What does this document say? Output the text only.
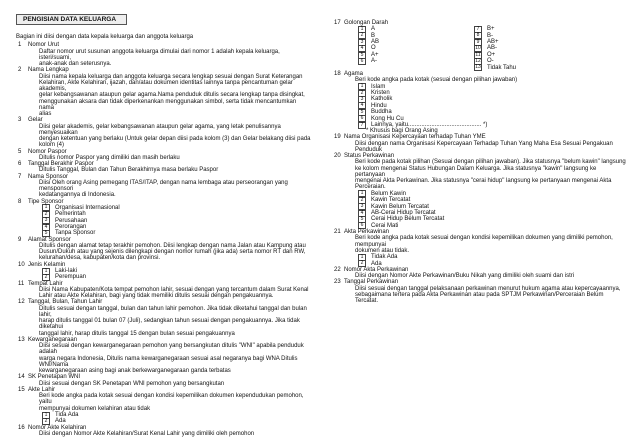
PENGISIAN DATA KELUARGA
Bagian ini diisi dengan data kepala keluarga dan anggota keluarga
1 Nomor Urut
Daftar nomor urut susunan anggota keluarga dimulai dari nomor 1 adalah kepala keluarga, isteri/suami,
anak-anak dan seterusnya.
2 Nama Lengkap
Diisi nama kepala keluarga dan anggota keluarga secara lengkap sesuai dengan Surat Keterangan
Kelahiran, Akte Kelahiran, ijazah, dan/atau dokumen identitas lainnya tanpa pencantuman gelar akademis,
gelar kebangsawanan ataupun gelar agama.Nama penduduk ditulis secara lengkap tanpa disingkat,
menggunakan aksara dan tidak diperkenankan menggunakan simbol, serta tidak mencantumkan nama
alias
3 Gelar
Diisi gelar akademis, gelar kebangsawanan ataupun gelar agama, yang letak penulisannya menyesuaikan
dengan ketentuan yang berlaku (Untuk gelar depan diisi pada kolom (3) dan Gelar belakang diisi pada
kolom (4)
5 Nomor Paspor
Ditulis nomor Paspor yang dimiliki dan masih berlaku
6 Tanggal Berakhir Paspor
Ditulis Tanggal, Bulan dan Tahun Berakhirnya masa berlaku Paspor
7 Nama Sponsor
Diisi Oleh orang Asing pemegang ITAS/ITAP, dengan nama lembaga atau perseorangan yang mensponsori
kedatangannya di Indonesia.
8 Tipe Sponsor
1	Organisasi Internasional
2	Pemerintah
3	Perusahaan
4	Perorangan
5	Tanpa Sponsor
9 Alamat Sponsor
Ditulis dengan alamat tetap terakhir pemohon. Diisi lengkap dengan nama Jalan atau Kampung atau
Dusun/Dukuh atau yang sejenis dilengkapi dengan nomor rumah (jika ada) serta nomor RT dan RW,
kelurahan/desa, kabupaten/kota dan provinsi.
10 Jenis Kelamin
1	Laki-laki
2	Perempuan
11 Tempat Lahir
Diisi Nama Kabupaten/Kota tempat pemohon lahir, sesuai dengan yang tercantum dalam Surat Kenal
Lahir atau Akte Kelahiran, bagi yang tidak memiliki ditulis sesuai dengan pengakuannya.
12 Tanggal, Bulan, Tahun Lahir
Ditulis sesuai dengan tanggal, bulan dan tahun lahir pemohon. Jika tidak diketahui tanggal dan bulan lahir,
harap ditulis tanggal 01 bulan 07 (Juli), sedangkan tahun sesuai dengan pengakuannya. Jika tidak diketahui
tanggal lahir, harap ditulis tanggal 15 dengan bulan sesuai pengakuannya
13 Kewarganegaraan
Diisi sesuai dengan kewarganegaraan pemohon yang bersangkutan ditulis "WNI" apabila penduduk adalah
warga negara Indonesia, Ditulis nama kewarganegaraan sesuai asal negaranya bagi WNA Ditulis WNI/Nama
kewarganegaraan asing bagi anak berkewarganegaraan ganda terbatas
14 SK Penetapan WNI
Diisi sesuai dengan SK Penetapan WNI pemohon yang bersangkutan
15 Akte Lahir
Beri kode angka pada kotak sesuai dengan kondisi kepemilikan dokumen kependudukan pemohon, yaitu
mempunyai dokumen kelahiran atau tidak
1	Tida Ada
2	Ada
16 Nomor Akte Kelahiran
Diisi dengan Nomor Akte Kelahiran/Surat Kenal Lahir yang dimiliki oleh pemohon
17 Golongan Darah
1	A	7	B+
2	B	8	B-
3	AB	9	AB+
4	O	10 AB-
5	A+	11 O+
6	A-	12 O-
13 Tidak Tahu
18 Agama
Beri kode angka pada kotak (sesuai dengan pilihan jawaban)
1	Islam
2	Kristen
3	Katholik
4	Hindu
5	Buddha
6	Kong Hu Cu
7	Lainnya, yaitu............................................ *)
* Khusus bagi Orang Asing
19 Nama Organisasi Kepercayaan terhadap Tuhan YME
Diisi dengan nama Organisasi Kepercayaan Terhadap Tuhan Yang Maha Esa Sesuai Pengakuan Penduduk
20 Status Perkawinan
Beri kode pada kotak pilihan (Sesuai dengan pilihan jawaban). Jika statusnya "belum kawin" langsung
ke kolom mengenai Status Hubungan Dalam Keluarga. Jika statusnya "kawin" langsung ke pertanyaan
mengenai Akta Perkawinan. Jika statusnya "cerai hidup" langsung ke pertanyaan mengenai Akta Perceraian.
1	Belum Kawin
2	Kawin Tercatat
3	Kawin Belum Tercatat
4	AB-Cerai Hidup Tercatat
5	Cerai Hidup Belum Tercatat
6	Cerai Mati
21 Akta Perkawinan
Beri kode angka pada kotak sesuai dengan kondisi kepemilikan dokumen yang dimiliki pemohon, mempunyai
dokumen atau tidak.
1	Tidak Ada
2	Ada
22 Nomor Akta Perkawinan
Diisi dengan Nomor Akte Perkawinan/Buku Nikah yang dimiliki oleh suami dan istri
23 Tanggal Perkawinan
Diisi sesuai dengan tanggal pelaksanaan perkawinan menurut hukum agama atau kepercayaannya,
sebagaimana tertera pada Akta Perkawinan atau pada SPTJM Perkawinan/Perceraian Belum Tercatat.
